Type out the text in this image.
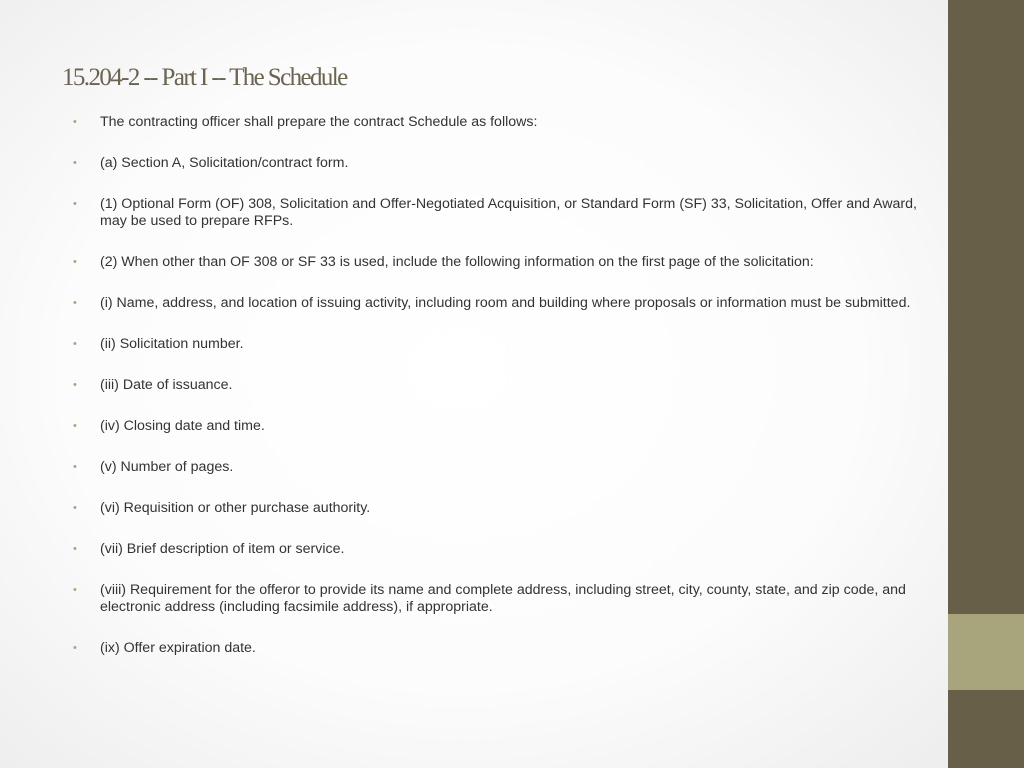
15.204-2 -- Part I -- The Schedule
• The contracting officer shall prepare the contract Schedule as follows:
• (a) Section A, Solicitation/contract form.
• (1) Optional Form (OF) 308, Solicitation and Offer-Negotiated Acquisition, or Standard Form (SF) 33, Solicitation, Offer and Award, may be used to prepare RFPs.
• (2) When other than OF 308 or SF 33 is used, include the following information on the first page of the solicitation:
• (i) Name, address, and location of issuing activity, including room and building where proposals or information must be submitted.
• (ii) Solicitation number.
• (iii) Date of issuance.
• (iv) Closing date and time.
• (v) Number of pages.
• (vi) Requisition or other purchase authority.
• (vii) Brief description of item or service.
• (viii) Requirement for the offeror to provide its name and complete address, including street, city, county, state, and zip code, and electronic address (including facsimile address), if appropriate.
• (ix) Offer expiration date.
